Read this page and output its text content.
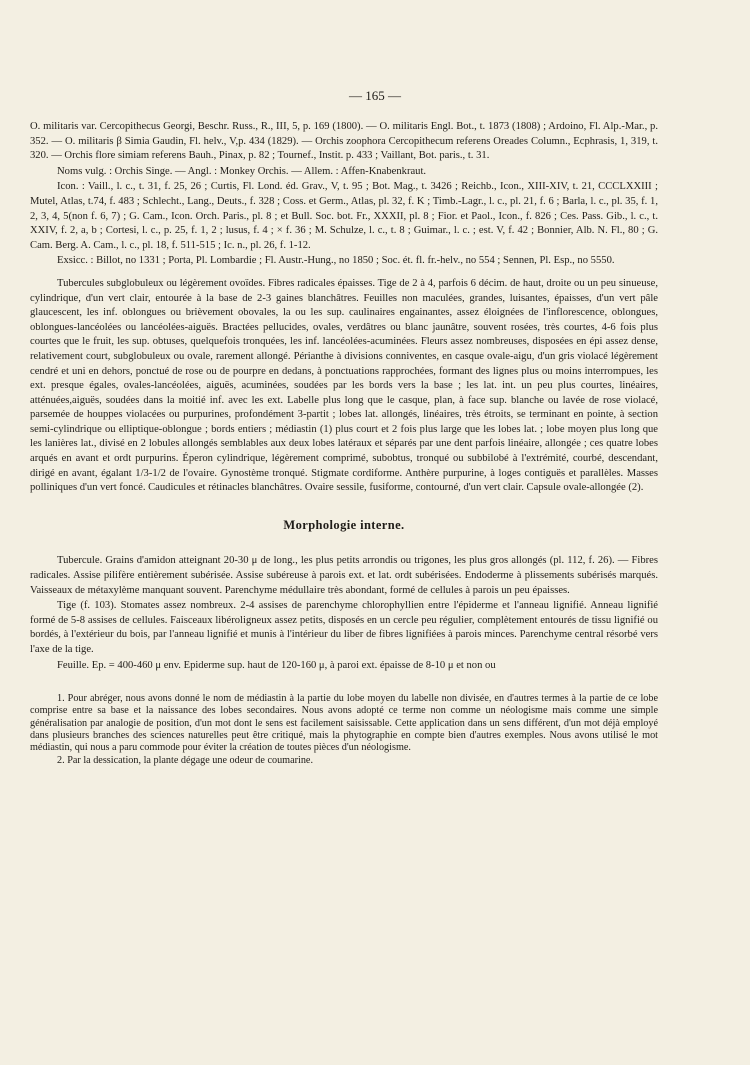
— 165 —

O. militaris var. Cercopithecus Georgi, Beschr. Russ., R., III, 5, p. 169 (1800). — O. militaris Engl. Bot., t. 1873 (1808) ; Ardoino, Fl. Alp.-Mar., p. 352. — O. militaris β Simia Gaudin, Fl. helv., V,p. 434 (1829). — Orchis zoophora Cercopithecum referens Oreades Column., Ecphrasis, 1, 319, t. 320. — Orchis flore simiam referens Bauh., Pinax, p. 82 ; Tournef., Instit. p. 433 ; Vaillant, Bot. paris., t. 31.

Noms vulg. : Orchis Singe. — Angl. : Monkey Orchis. — Allem. : Affen-Knabenkraut.

Icon. : Vaill., l. c., t. 31, f. 25, 26 ; Curtis, Fl. Lond. éd. Grav., V, t. 95 ; Bot. Mag., t. 3426 ; Reichb., Icon., XIII-XIV, t. 21, CCCLXXIII ; Mutel, Atlas, t.74, f. 483 ; Schlecht., Lang., Deuts., f. 328 ; Coss. et Germ., Atlas, pl. 32, f. K ; Timb.-Lagr., l. c., pl. 21, f. 6 ; Barla, l. c., pl. 35, f. 1, 2, 3, 4, 5(non f. 6, 7) ; G. Cam., Icon. Orch. Paris., pl. 8 ; et Bull. Soc. bot. Fr., XXXII, pl. 8 ; Fior. et Paol., Icon., f. 826 ; Ces. Pass. Gib., l. c., t. XXIV, f. 2, a, b ; Cortesi, l. c., p. 25, f. 1, 2 ; lusus, f. 4 ; × f. 36 ; M. Schulze, l. c., t. 8 ; Guimar., l. c. ; est. V, f. 42 ; Bonnier, Alb. N. Fl., 80 ; G. Cam. Berg. A. Cam., l. c., pl. 18, f. 511-515 ; Ic. n., pl. 26, f. 1-12.

Exsicc. : Billot, no 1331 ; Porta, Pl. Lombardie ; Fl. Austr.-Hung., no 1850 ; Soc. ét. fl. fr.-helv., no 554 ; Sennen, Pl. Esp., no 5550.

Tubercules subglobuleux ou légèrement ovoïdes. Fibres radicales épaisses. Tige de 2 à 4, parfois 6 décim. de haut, droite ou un peu sinueuse, cylindrique, d'un vert clair, entourée à la base de 2-3 gaines blanchâtres. Feuilles non maculées, grandes, luisantes, épaisses, d'un vert pâle glaucescent, les inf. oblongues ou brièvement obovales, la ou les sup. caulinaires engainantes, assez éloignées de l'inflorescence, oblongues, oblongues-lancéolées ou lancéolées-aiguës. Bractées pellucides, ovales, verdâtres ou blanc jaunâtre, souvent rosées, très courtes, 4-6 fois plus courtes que le fruit, les sup. obtuses, quelquefois tronquées, les inf. lancéolées-acuminées. Fleurs assez nombreuses, disposées en épi assez dense, relativement court, subglobuleux ou ovale, rarement allongé. Périanthe à divisions conniventes, en casque ovale-aigu, d'un gris violacé légèrement cendré et uni en dehors, ponctué de rose ou de pourpre en dedans, à ponctuations rapprochées, formant des lignes plus ou moins interrompues, les ext. presque égales, ovales-lancéolées, aiguës, acuminées, soudées par les bords vers la base ; les lat. int. un peu plus courtes, linéaires, atténuées,aiguës, soudées dans la moitié inf. avec les ext. Labelle plus long que le casque, plan, à face sup. blanche ou lavée de rose violacé, parsemée de houppes violacées ou purpurines, profondément 3-partit ; lobes lat. allongés, linéaires, très étroits, se terminant en pointe, à section semi-cylindrique ou elliptique-oblongue ; bords entiers ; médiastin (1) plus court et 2 fois plus large que les lobes lat. ; lobe moyen plus long que les lanières lat., divisé en 2 lobules allongés semblables aux deux lobes latéraux et séparés par une dent parfois linéaire, allongée ; ces quatre lobes arqués en avant et ordt purpurins. Éperon cylindrique, légèrement comprimé, subobtus, tronqué ou subbilobé à l'extrémité, courbé, descendant, dirigé en avant, égalant 1/3-1/2 de l'ovaire. Gynostème tronqué. Stigmate cordiforme. Anthère purpurine, à loges contiguës et parallèles. Masses polliniques d'un vert foncé. Caudicules et rétinacles blanchâtres. Ovaire sessile, fusiforme, contourné, d'un vert clair. Capsule ovale-allongée (2).

Morphologie interne.

Tubercule. Grains d'amidon atteignant 20-30 μ de long., les plus petits arrondis ou trigones, les plus gros allongés (pl. 112, f. 26). — Fibres radicales. Assise pilifère entièrement subérisée. Assise subéreuse à parois ext. et lat. ordt subérisées. Endoderme à plissements subérisés marqués. Vaisseaux de métaxylème manquant souvent. Parenchyme médullaire très abondant, formé de cellules à parois un peu épaisses.

Tige (f. 103). Stomates assez nombreux. 2-4 assises de parenchyme chlorophyllien entre l'épiderme et l'anneau lignifié. Anneau lignifié formé de 5-8 assises de cellules. Faisceaux libéroligneux assez petits, disposés en un cercle peu régulier, complètement entourés de tissu lignifié ou bordés, à l'extérieur du bois, par l'anneau lignifié et munis à l'intérieur du liber de fibres lignifiées à parois minces. Parenchyme central résorbé vers l'axe de la tige.

Feuille. Ep. = 400-460 μ env. Epiderme sup. haut de 120-160 μ, à paroi ext. épaisse de 8-10 μ et non ou

1. Pour abréger, nous avons donné le nom de médiastin à la partie du lobe moyen du labelle non divisée, en d'autres termes à la partie de ce lobe comprise entre sa base et la naissance des lobes secondaires. Nous avons adopté ce terme non comme un néologisme mais comme une simple généralisation par analogie de position, d'un mot dont le sens est facilement saisissable. Cette application dans un sens différent, d'un mot déjà employé dans plusieurs branches des sciences naturelles peut être critiqué, mais la phytographie en compte bien d'autres exemples. Nous avons utilisé le mot médiastin, qui nous a paru commode pour éviter la création de toutes pièces d'un néologisme.

2. Par la dessication, la plante dégage une odeur de coumarine.
